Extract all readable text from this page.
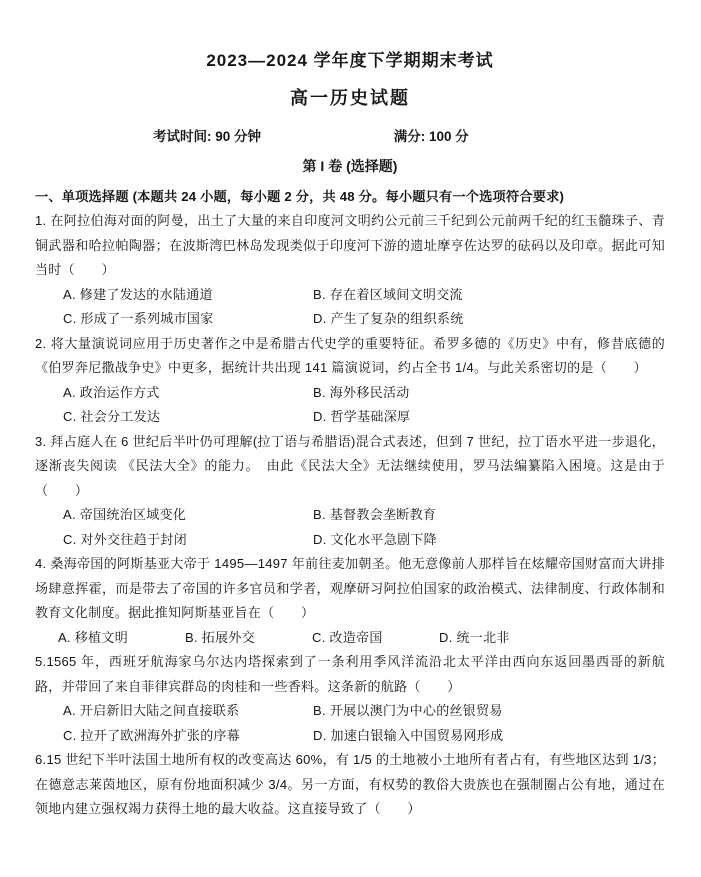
2023—2024 学年度下学期期末考试
高一历史试题
考试时间: 90 分钟	满分: 100 分
第 I 卷 (选择题)
一、单项选择题 (本题共 24 小题，每小题 2 分，共 48 分。每小题只有一个选项符合要求)

1. 在阿拉伯海对面的阿曼，出土了大量的来自印度河文明约公元前三千纪到公元前两千纪的红玉髓珠子、青铜武器和哈拉帕陶器；在波斯湾巴林岛发现类似于印度河下游的遗址摩亨佐达罗的砝码以及印章。据此可知当时（　　）

A. 修建了发达的水陆通道	B. 存在着区域间文明交流
C. 形成了一系列城市国家	D. 产生了复杂的组织系统

2. 将大量演说词应用于历史著作之中是希腊古代史学的重要特征。希罗多德的《历史》中有，修昔底德的《伯罗奔尼撒战争史》中更多，据统计共出现 141 篇演说词，约占全书 1/4。与此关系密切的是（　　）

A. 政治运作方式	B. 海外移民活动
C. 社会分工发达	D. 哲学基础深厚

3. 拜占庭人在 6 世纪后半叶仍可理解(拉丁语与希腊语)混合式表述，但到 7 世纪，拉丁语水平进一步退化，逐渐丧失阅读 《民法大全》的能力。　由此《民法大全》无法继续使用，罗马法编纂陷入困境。这是由于（　　）

A. 帝国统治区域变化	B. 基督教会垄断教育
C. 对外交往趋于封闭	D. 文化水平急剧下降

4. 桑海帝国的阿斯基亚大帝于 1495—1497 年前往麦加朝圣。他无意像前人那样旨在炫耀帝国财富而大讲排场肆意挥霍，而是带去了帝国的许多官员和学者，观摩研习阿拉伯国家的政治模式、法律制度、行政体制和教育文化制度。据此推知阿斯基亚旨在（　　）

A. 移植文明	B. 拓展外交	C. 改造帝国	D. 统一北非

5.1565 年，西班牙航海家乌尔达内塔探索到了一条利用季风洋流沿北太平洋由西向东返回墨西哥的新航路，并带回了来自菲律宾群岛的肉桂和一些香料。这条新的航路（　　）

A. 开启新旧大陆之间直接联系	B. 开展以澳门为中心的丝银贸易
C. 拉开了欧洲海外扩张的序幕	D. 加速白银输入中国贸易网形成

6.15 世纪下半叶法国土地所有权的改变高达 60%，有 1/5 的土地被小土地所有者占有，有些地区达到 1/3；在德意志莱茵地区，原有份地面积减少 3/4。另一方面，有权势的教俗大贵族也在强制圈占公有地，通过在领地内建立强权竭力获得土地的最大收益。这直接导致了（　　）
